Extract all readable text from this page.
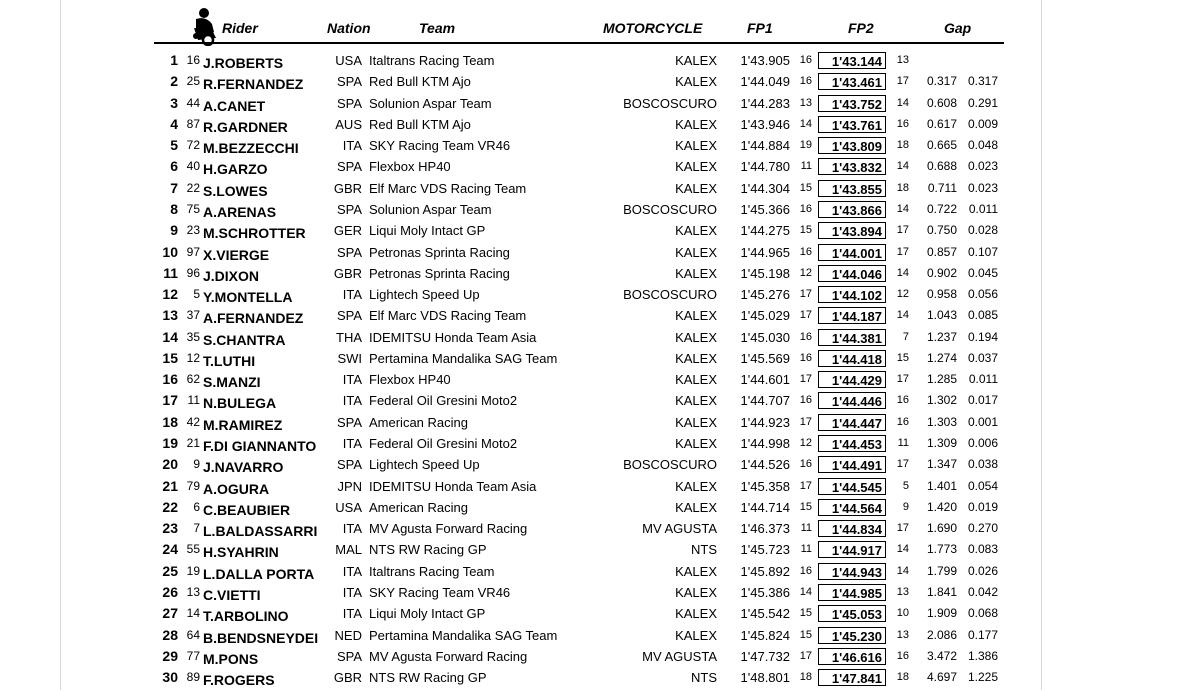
Rider	Nation	Team	MOTORCYCLE	FP1	FP2	Gap
1 16 J.ROBERTS	USA Italtrans Racing Team	KALEX	1'43.905 16	1'43.144	13
2 25 R.FERNANDEZ	SPA Red Bull KTM Ajo	KALEX	1'44.049 16	1'43.461	17	0.317 0.317
3 44 A.CANET	SPA Solunion Aspar Team	BOSCOSCURO	1'44.283 13	1'43.752	14	0.608 0.291
4 87 R.GARDNER	AUS Red Bull KTM Ajo	KALEX	1'43.946 14	1'43.761	16	0.617 0.009
5 72 M.BEZZECCHI	ITA SKY Racing Team VR46	KALEX	1'44.884 19	1'43.809	18	0.665 0.048
6 40 H.GARZO	SPA Flexbox HP40	KALEX	1'44.780 11	1'43.832	14	0.688 0.023
7 22 S.LOWES	GBR Elf Marc VDS Racing Team	KALEX	1'44.304 15	1'43.855	18	0.711 0.023
8 75 A.ARENAS	SPA Solunion Aspar Team	BOSCOSCURO	1'45.366 16	1'43.866	14	0.722 0.011
9 23 M.SCHROTTER	GER Liqui Moly Intact GP	KALEX	1'44.275 15	1'43.894	17	0.750 0.028
10 97 X.VIERGE	SPA Petronas Sprinta Racing	KALEX	1'44.965 16	1'44.001	17	0.857 0.107
11 96 J.DIXON	GBR Petronas Sprinta Racing	KALEX	1'45.198 12	1'44.046	14	0.902 0.045
12	5 Y.MONTELLA	ITA Lightech Speed Up	BOSCOSCURO	1'45.276 17	1'44.102	12	0.958 0.056
13 37 A.FERNANDEZ	SPA Elf Marc VDS Racing Team	KALEX	1'45.029 17	1'44.187	14	1.043 0.085
14 35 S.CHANTRA	THA IDEMITSU Honda Team Asia	KALEX	1'45.030 16	1'44.381	7	1.237 0.194
15 12 T.LUTHI	SWI Pertamina Mandalika SAG Team	KALEX	1'45.569 16	1'44.418	15	1.274 0.037
16 62 S.MANZI	ITA Flexbox HP40	KALEX	1'44.601 17	1'44.429	17	1.285 0.011
17 11 N.BULEGA	ITA Federal Oil Gresini Moto2	KALEX	1'44.707 16	1'44.446	16	1.302 0.017
18 42 M.RAMIREZ	SPA American Racing	KALEX	1'44.923 17	1'44.447	16	1.303 0.001
19 21 F.DI GIANNANTO	ITA Federal Oil Gresini Moto2	KALEX	1'44.998 12	1'44.453	11	1.309 0.006
20	9 J.NAVARRO	SPA Lightech Speed Up	BOSCOSCURO	1'44.526 16	1'44.491	17	1.347 0.038
21 79 A.OGURA	JPN IDEMITSU Honda Team Asia	KALEX	1'45.358 17	1'44.545	5	1.401 0.054
22	6 C.BEAUBIER	USA American Racing	KALEX	1'44.714 15	1'44.564	9	1.420 0.019
23	7 L.BALDASSARRI	ITA MV Agusta Forward Racing	MV AGUSTA	1'46.373 11	1'44.834	17	1.690 0.270
24 55 H.SYAHRIN	MAL NTS RW Racing GP	NTS	1'45.723 11	1'44.917	14	1.773 0.083
25 19 L.DALLA PORTA	ITA Italtrans Racing Team	KALEX	1'45.892 16	1'44.943	14	1.799 0.026
26 13 C.VIETTI	ITA SKY Racing Team VR46	KALEX	1'45.386 14	1'44.985	13	1.841 0.042
27 14 T.ARBOLINO	ITA Liqui Moly Intact GP	KALEX	1'45.542 15	1'45.053	10	1.909 0.068
28 64 B.BENDSNEYDEI	NED Pertamina Mandalika SAG Team	KALEX	1'45.824 15	1'45.230	13	2.086 0.177
29 77 M.PONS	SPA MV Agusta Forward Racing	MV AGUSTA	1'47.732 17	1'46.616	16	3.472 1.386
30 89 F.ROGERS	GBR NTS RW Racing GP	NTS	1'48.801 18	1'47.841	18	4.697 1.225
